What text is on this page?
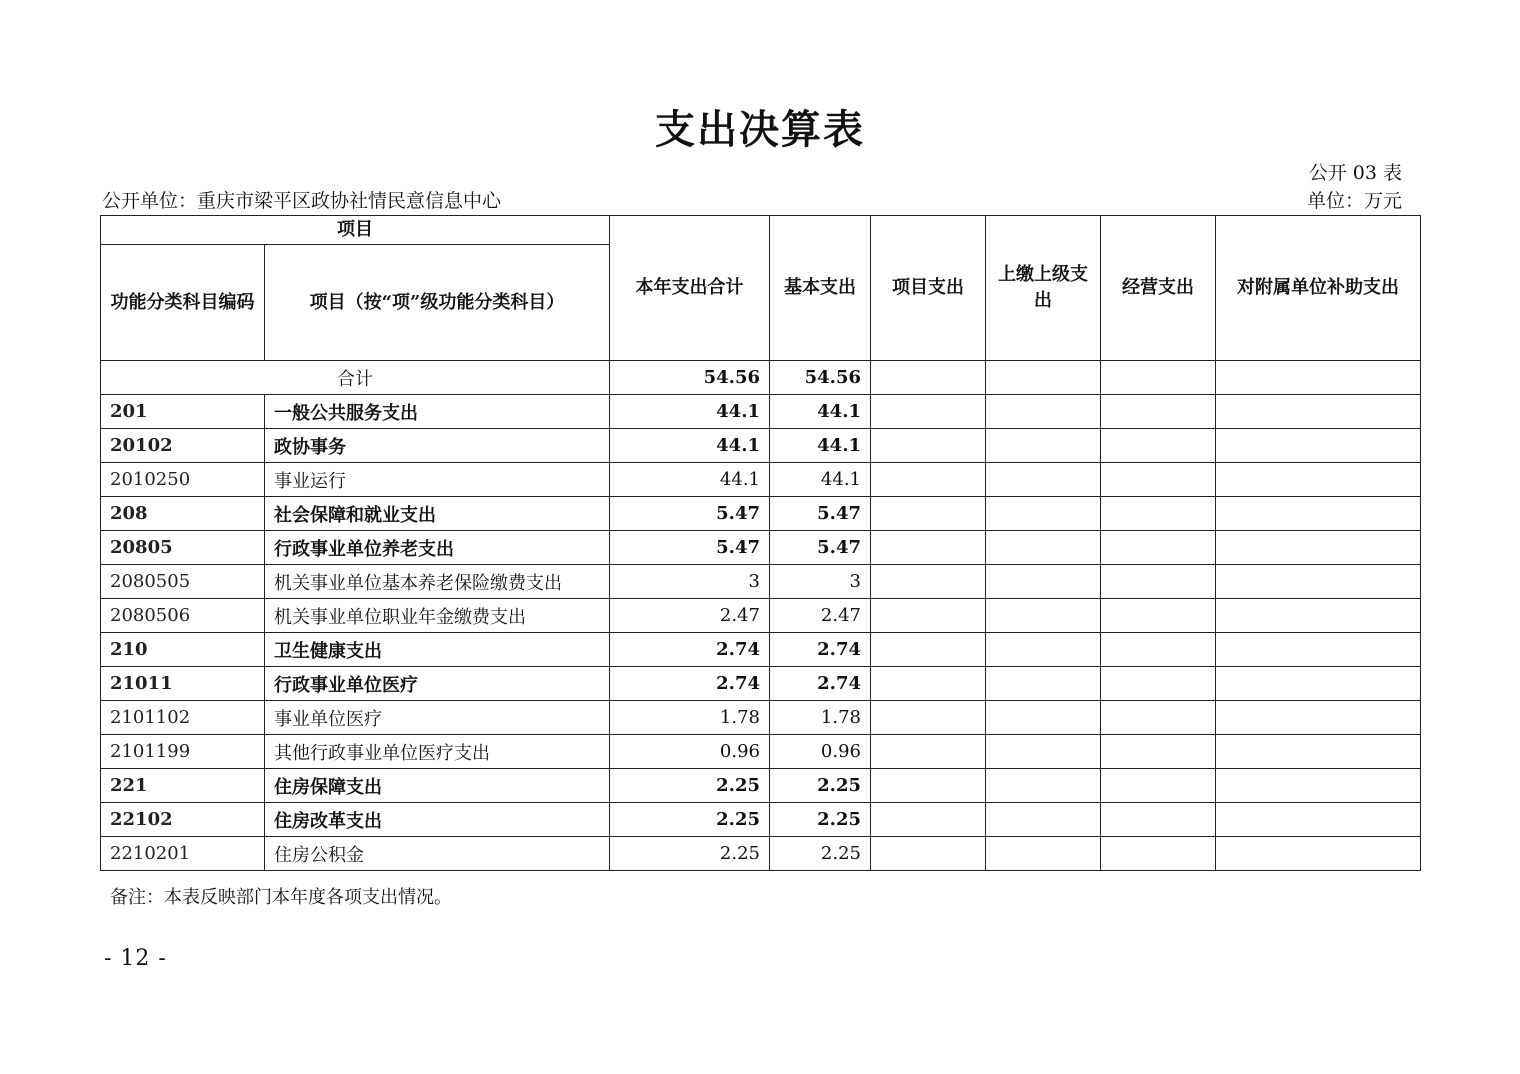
支出决算表
公开 03 表
公开单位：重庆市梁平区政协社情民意信息中心	单位：万元
项目		本年支出合计	基本支出	项目支出	上缴上级支出	经营支出	对附属单位补助支出
功能分类科目编码	项目（按“项”级功能分类科目）						
合计		54.56	54.56				
201	一般公共服务支出	44.1	44.1				
20102	政协事务	44.1	44.1				
2010250	事业运行	44.1	44.1				
208	社会保障和就业支出	5.47	5.47				
20805	行政事业单位养老支出	5.47	5.47				
2080505	机关事业单位基本养老保险缴费支出	3	3				
2080506	机关事业单位职业年金缴费支出	2.47	2.47				
210	卫生健康支出	2.74	2.74				
21011	行政事业单位医疗	2.74	2.74				
2101102	事业单位医疗	1.78	1.78				
2101199	其他行政事业单位医疗支出	0.96	0.96				
221	住房保障支出	2.25	2.25				
22102	住房改革支出	2.25	2.25				
2210201	住房公积金	2.25	2.25				
备注：本表反映部门本年度各项支出情况。
- 12 -
